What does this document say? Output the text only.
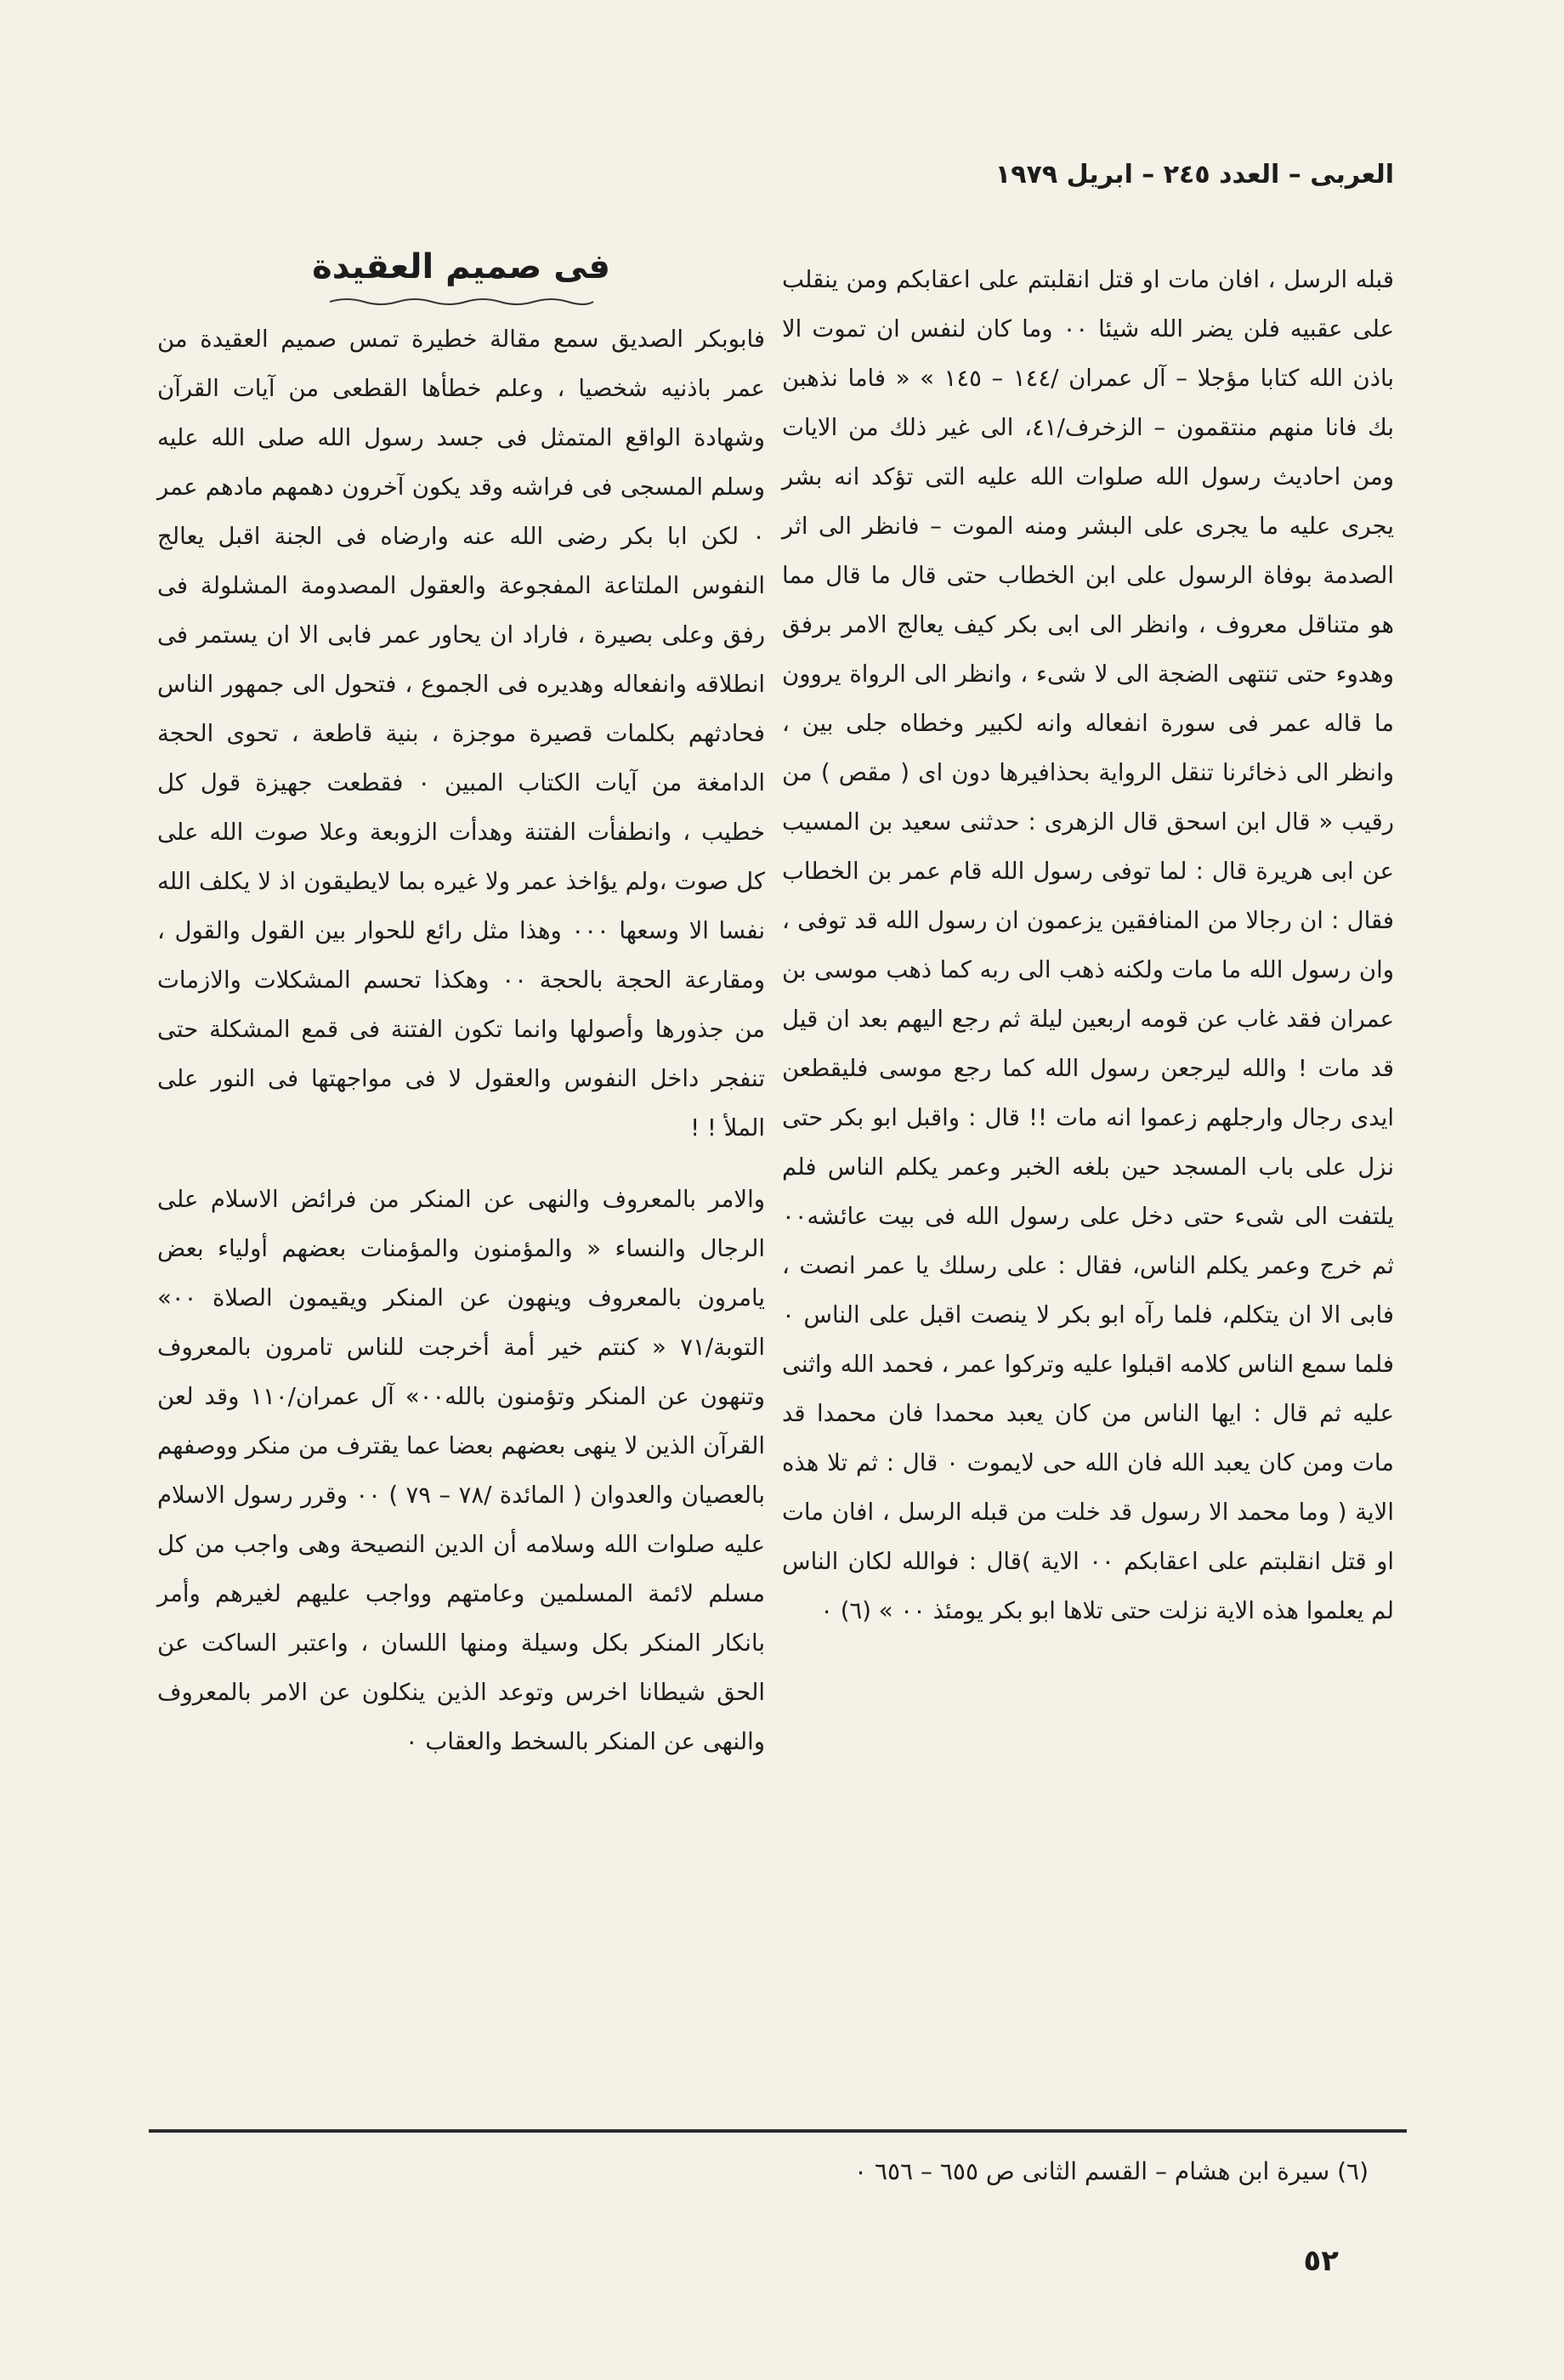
العربى – العدد ٢٤٥ – ابريل ١٩٧٩

قبله الرسل ، افان مات او قتل انقلبتم على اعقابكم ومن ينقلب على عقبيه فلن يضر الله شيئا ٠٠ وما كان لنفس ان تموت الا باذن الله كتابا مؤجلا – آل عمران /١٤٤ – ١٤٥ » « فاما نذهبن بك فانا منهم منتقمون – الزخرف/٤١، الى غير ذلك من الايات ومن احاديث رسول الله صلوات الله عليه التى تؤكد انه بشر يجرى عليه ما يجرى على البشر ومنه الموت – فانظر الى اثر الصدمة بوفاة الرسول على ابن الخطاب حتى قال ما قال مما هو متناقل معروف ، وانظر الى ابى بكر كيف يعالج الامر برفق وهدوء حتى تنتهى الضجة الى لا شىء ، وانظر الى الرواة يروون ما قاله عمر فى سورة انفعاله وانه لكبير وخطاه جلى بين ، وانظر الى ذخائرنا تنقل الرواية بحذافيرها دون اى ( مقص ) من رقيب « قال ابن اسحق قال الزهرى : حدثنى سعيد بن المسيب عن ابى هريرة قال : لما توفى رسول الله قام عمر بن الخطاب فقال : ان رجالا من المنافقين يزعمون ان رسول الله قد توفى ، وان رسول الله ما مات ولكنه ذهب الى ربه كما ذهب موسى بن عمران فقد غاب عن قومه اربعين ليلة ثم رجع اليهم بعد ان قيل قد مات ! والله ليرجعن رسول الله كما رجع موسى فليقطعن ايدى رجال وارجلهم زعموا انه مات !! قال : واقبل ابو بكر حتى نزل على باب المسجد حين بلغه الخبر وعمر يكلم الناس فلم يلتفت الى شىء حتى دخل على رسول الله فى بيت عائشه٠٠ ثم خرج وعمر يكلم الناس، فقال : على رسلك يا عمر انصت ، فابى الا ان يتكلم، فلما رآه ابو بكر لا ينصت اقبل على الناس ٠ فلما سمع الناس كلامه اقبلوا عليه وتركوا عمر ، فحمد الله واثنى عليه ثم قال : ايها الناس من كان يعبد محمدا فان محمدا قد مات ومن كان يعبد الله فان الله حى لايموت ٠ قال : ثم تلا هذه الاية ( وما محمد الا رسول قد خلت من قبله الرسل ، افان مات او قتل انقلبتم على اعقابكم ٠٠ الاية )قال : فوالله لكان الناس لم يعلموا هذه الاية نزلت حتى تلاها ابو بكر يومئذ ٠٠ » (٦) ٠

فى صميم العقيدة

فابوبكر الصديق سمع مقالة خطيرة تمس صميم العقيدة من عمر باذنيه شخصيا ، وعلم خطأها القطعى من آيات القرآن وشهادة الواقع المتمثل فى جسد رسول الله صلى الله عليه وسلم المسجى فى فراشه وقد يكون آخرون دهمهم مادهم عمر ٠ لكن ابا بكر رضى الله عنه وارضاه فى الجنة اقبل يعالج النفوس الملتاعة المفجوعة والعقول المصدومة المشلولة فى رفق وعلى بصيرة ، فاراد ان يحاور عمر فابى الا ان يستمر فى انطلاقه وانفعاله وهديره فى الجموع ، فتحول الى جمهور الناس فحادثهم بكلمات قصيرة موجزة ، بنية قاطعة ، تحوى الحجة الدامغة من آيات الكتاب المبين ٠ فقطعت جهيزة قول كل خطيب ، وانطفأت الفتنة وهدأت الزوبعة وعلا صوت الله على كل صوت ،ولم يؤاخذ عمر ولا غيره بما لايطيقون اذ لا يكلف الله نفسا الا وسعها ٠٠٠ وهذا مثل رائع للحوار بين القول والقول ، ومقارعة الحجة بالحجة ٠٠ وهكذا تحسم المشكلات والازمات من جذورها وأصولها وانما تكون الفتنة فى قمع المشكلة حتى تنفجر داخل النفوس والعقول لا فى مواجهتها فى النور على الملأ ! !

والامر بالمعروف والنهى عن المنكر من فرائض الاسلام على الرجال والنساء « والمؤمنون والمؤمنات بعضهم أولياء بعض يامرون بالمعروف وينهون عن المنكر ويقيمون الصلاة ٠٠» التوبة/٧١ « كنتم خير أمة أخرجت للناس تامرون بالمعروف وتنهون عن المنكر وتؤمنون بالله٠٠» آل عمران/١١٠ وقد لعن القرآن الذين لا ينهى بعضهم بعضا عما يقترف من منكر ووصفهم بالعصيان والعدوان ( المائدة /٧٨ – ٧٩ ) ٠٠ وقرر رسول الاسلام عليه صلوات الله وسلامه أن الدين النصيحة وهى واجب من كل مسلم لائمة المسلمين وعامتهم وواجب عليهم لغيرهم وأمر بانكار المنكر بكل وسيلة ومنها اللسان ، واعتبر الساكت عن الحق شيطانا اخرس وتوعد الذين ينكلون عن الامر بالمعروف والنهى عن المنكر بالسخط والعقاب ٠

(٦) سيرة ابن هشام – القسم الثانى ص ٦٥٥ – ٦٥٦ ٠
٥٢
